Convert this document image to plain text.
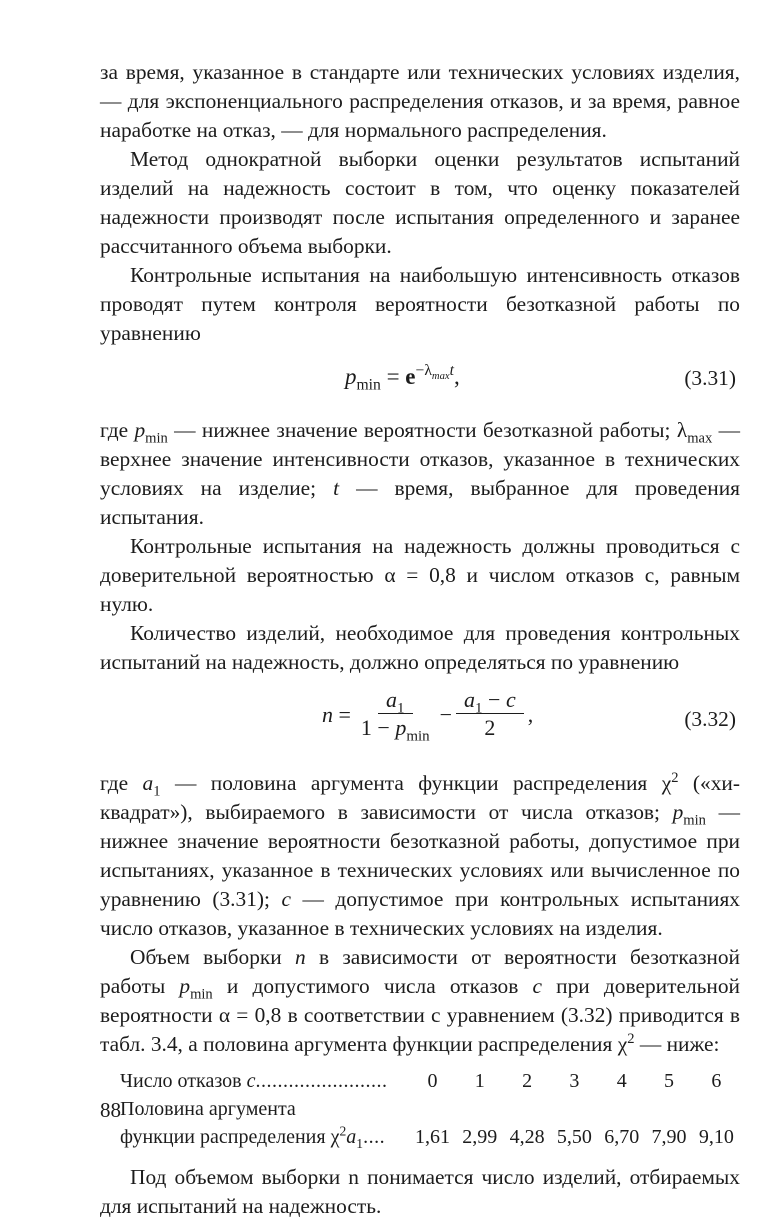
за время, указанное в стандарте или технических условиях изделия, — для экспоненциального распределения отказов, и за время, равное наработке на отказ, — для нормального распределения.

Метод однократной выборки оценки результатов испытаний изделий на надежность состоит в том, что оценку показателей надежности производят после испытания определенного и заранее рассчитанного объема выборки.

Контрольные испытания на наибольшую интенсивность отказов проводят путем контроля вероятности безотказной работы по уравнению

$p_{min} = e^{-\lambda_{max}t}$,	(3.31)

где $p_{min}$ — нижнее значение вероятности безотказной работы; $\lambda_{max}$ — верхнее значение интенсивности отказов, указанное в технических условиях на изделие; t — время, выбранное для проведения испытания.

Контрольные испытания на надежность должны проводиться с доверительной вероятностью α = 0,8 и числом отказов c, равным нулю.

Количество изделий, необходимое для проведения контрольных испытаний на надежность, должно определяться по уравнению

n
= $\frac{a_1}{1 - p_{min}} - \frac{a_1 - c}{2}$ ,	(3.32)

где $a_1$ — половина аргумента функции распределения $\chi^2$ («хи-квадрат»), выбираемого в зависимости от числа отказов; $p_{min}$ — нижнее значение вероятности безотказной работы, допустимое при испытаниях, указанное в технических условиях или вычисленное по уравнению (3.31); c — допустимое при контрольных испытаниях число отказов, указанное в технических условиях на изделия.

Объем выборки n в зависимости от вероятности безотказной работы $p_{min}$ и допустимого числа отказов c при доверительной вероятности α = 0,8 в соответствии с уравнением (3.32) приводится в табл. 3.4, а половина аргумента функции распределения $\chi^2$ — ниже:

Число отказов c........................	0	1	2	3	4	5	6
Половина аргумента							
функции распределения $\chi^2a_1$....	1,61	2,99	4,28	5,50	6,70	7,90	9,10

Под объемом выборки n понимается число изделий, отбираемых для испытаний на надежность.

88
